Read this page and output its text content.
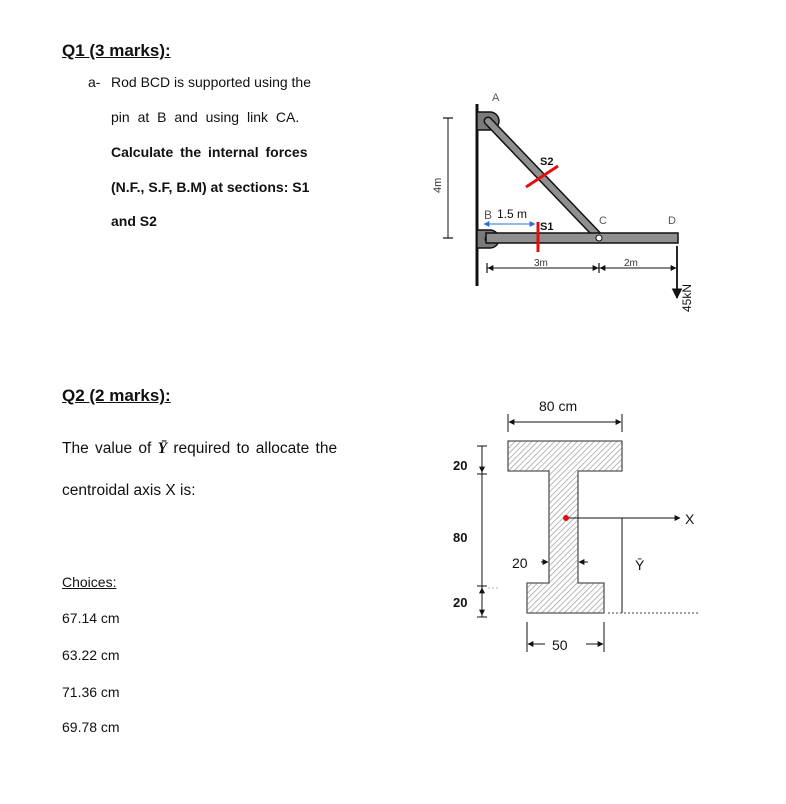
Q1 (3 marks):
a- Rod BCD is supported using the
pin at B and using link CA.
Calculate the internal forces
(N.F., S.F, B.M) at sections: S1
and S2
A
B 1.5 m
S1
S2
C	D
3m	2m
4m
45kN
Q2 (2 marks):
The value of Ȳ required to allocate the
centroidal axis X is:
Choices:
67.14 cm
63.22 cm
71.36 cm
69.78 cm
80 cm
20
80
20
20
50
Ȳ
X
